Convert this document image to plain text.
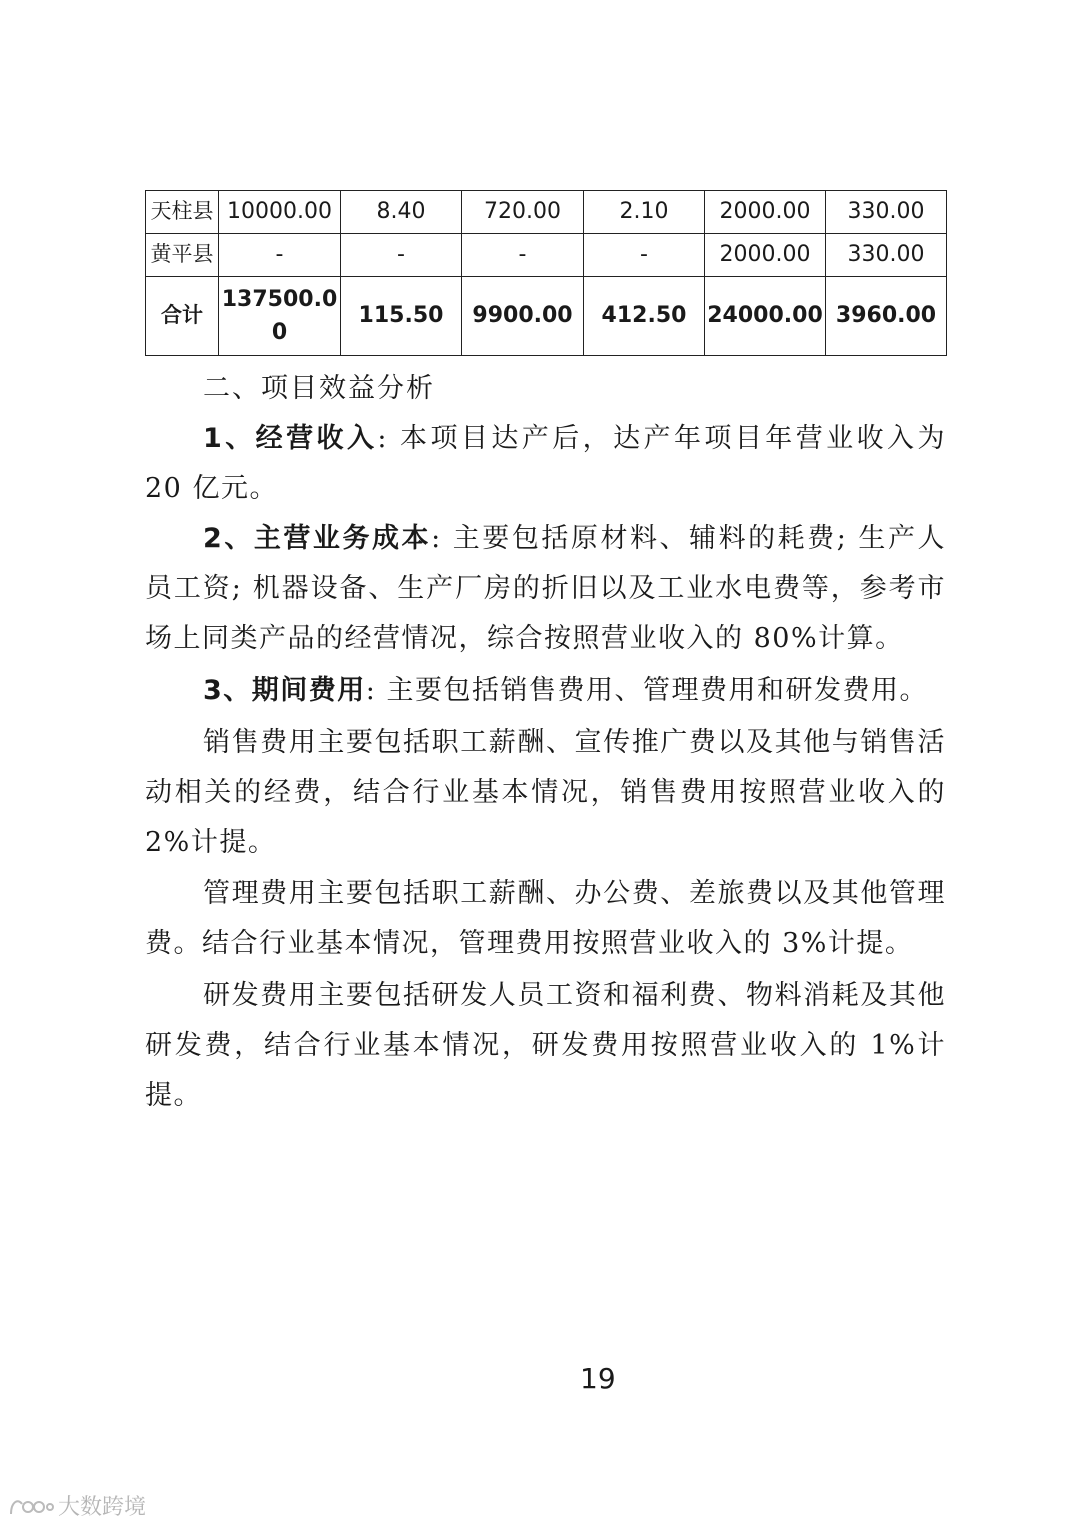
天柱县	10000.00	8.40	720.00	2.10	2000.00	330.00
黄平县	-	-	-	-	2000.00	330.00
合计	137500.00	115.50	9900.00	412.50	24000.00	3960.00
二、项目效益分析

1、经营收入: 本项目达产后，达产年项目年营业收入为 20 亿元。

2、主营业务成本: 主要包括原材料、辅料的耗费; 生产人员工资; 机器设备、生产厂房的折旧以及工业水电费等，参考市场上同类产品的经营情况，综合按照营业收入的 80%计算。

3、期间费用: 主要包括销售费用、管理费用和研发费用。

销售费用主要包括职工薪酬、宣传推广费以及其他与销售活动相关的经费，结合行业基本情况，销售费用按照营业收入的 2%计提。

管理费用主要包括职工薪酬、办公费、差旅费以及其他管理费。结合行业基本情况，管理费用按照营业收入的 3%计提。

研发费用主要包括研发人员工资和福利费、物料消耗及其他研发费，结合行业基本情况，研发费用按照营业收入的 1%计提。

19
大数跨境
